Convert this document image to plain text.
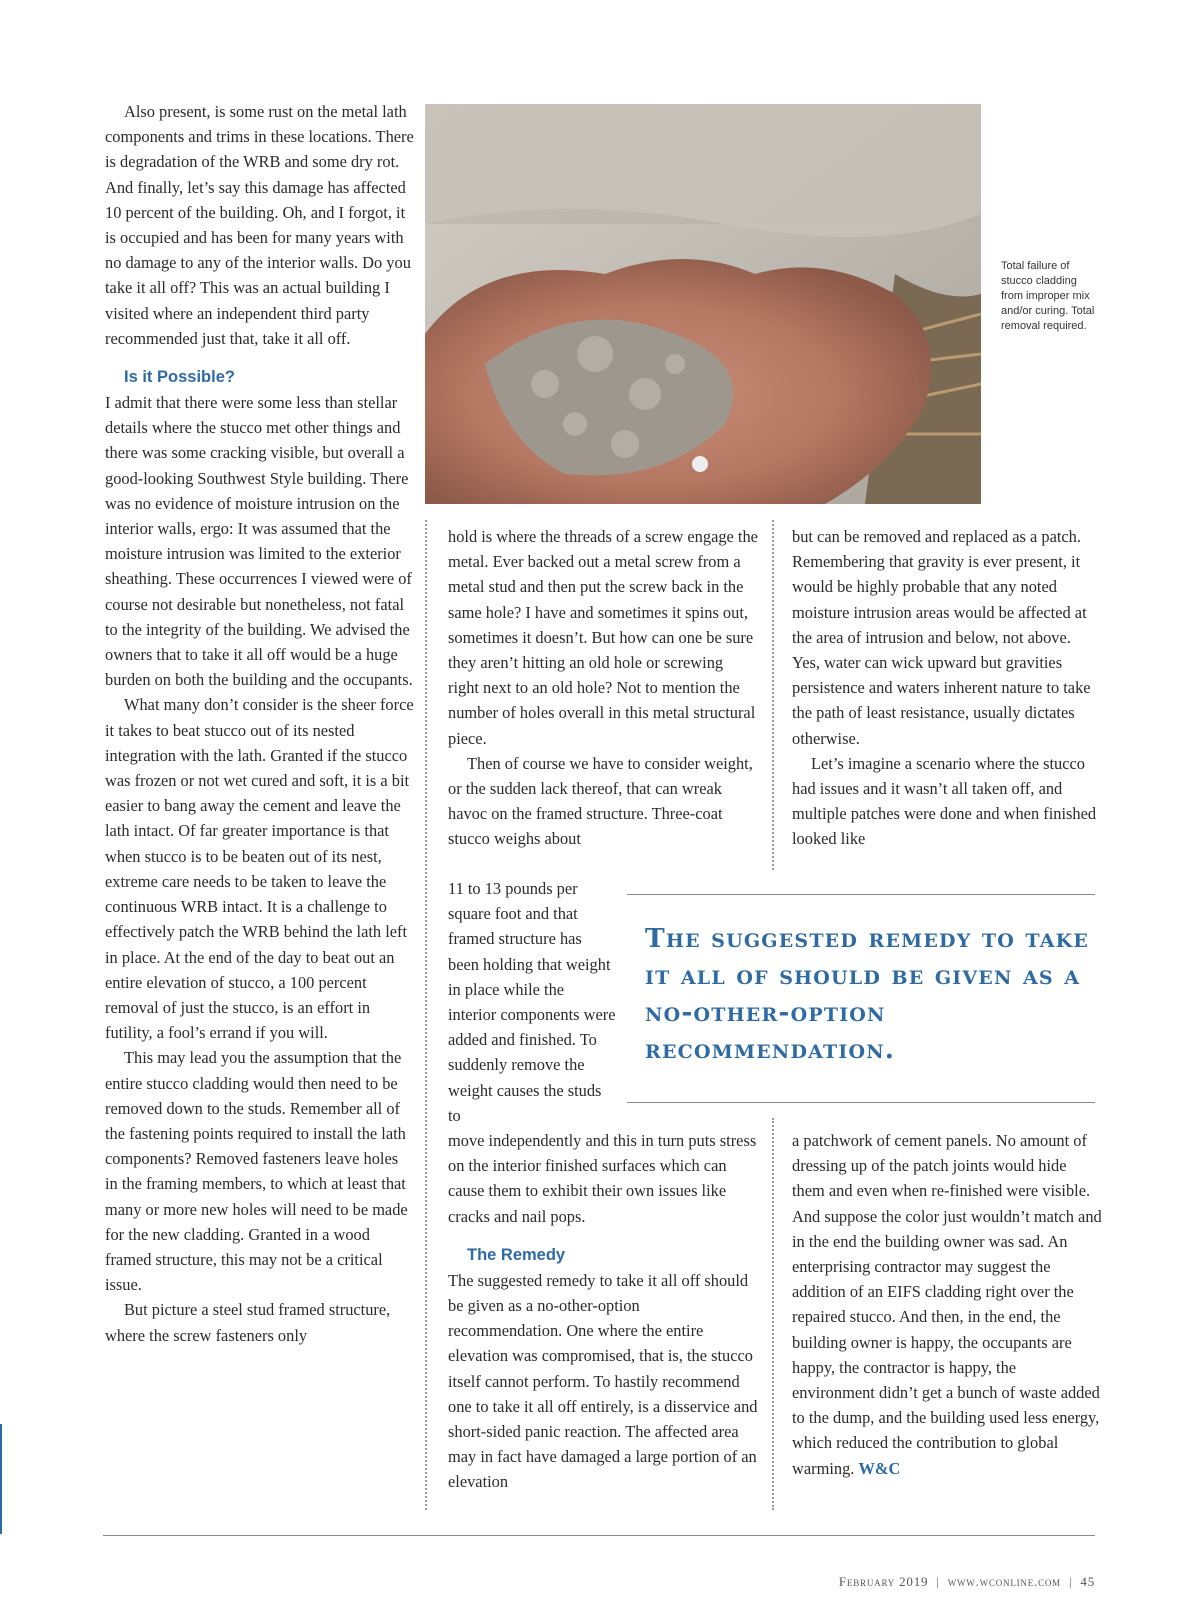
Also present, is some rust on the metal lath components and trims in these locations. There is degradation of the WRB and some dry rot. And finally, let’s say this damage has affected 10 percent of the building. Oh, and I forgot, it is occupied and has been for many years with no damage to any of the interior walls. Do you take it all off? This was an actual building I visited where an independent third party recommended just that, take it all off.

Is it Possible?

I admit that there were some less than stellar details where the stucco met other things and there was some cracking visible, but overall a good-looking Southwest Style building. There was no evidence of moisture intrusion on the interior walls, ergo: It was assumed that the moisture intrusion was limited to the exterior sheathing. These occurrences I viewed were of course not desirable but nonetheless, not fatal to the integrity of the building. We advised the owners that to take it all off would be a huge burden on both the building and the occupants.

What many don’t consider is the sheer force it takes to beat stucco out of its nested integration with the lath. Granted if the stucco was frozen or not wet cured and soft, it is a bit easier to bang away the cement and leave the lath intact. Of far greater importance is that when stucco is to be beaten out of its nest, extreme care needs to be taken to leave the continuous WRB intact. It is a challenge to effectively patch the WRB behind the lath left in place. At the end of the day to beat out an entire elevation of stucco, a 100 percent removal of just the stucco, is an effort in futility, a fool’s errand if you will.

This may lead you the assumption that the entire stucco cladding would then need to be removed down to the studs. Remember all of the fastening points required to install the lath components? Removed fasteners leave holes in the framing members, to which at least that many or more new holes will need to be made for the new cladding. Granted in a wood framed structure, this may not be a critical issue.

But picture a steel stud framed structure, where the screw fasteners only

Total failure of stucco cladding from improper mix and/or curing. Total removal required.

hold is where the threads of a screw engage the metal. Ever backed out a metal screw from a metal stud and then put the screw back in the same hole? I have and sometimes it spins out, sometimes it doesn’t. But how can one be sure they aren’t hitting an old hole or screwing right next to an old hole? Not to mention the number of holes overall in this metal structural piece.

Then of course we have to consider weight, or the sudden lack thereof, that can wreak havoc on the framed structure. Three-coat stucco weighs about

11 to 13 pounds per square foot and that framed structure has been holding that weight in place while the interior components were added and finished. To suddenly remove the weight causes the studs to

move independently and this in turn puts stress on the interior finished surfaces which can cause them to exhibit their own issues like cracks and nail pops.

The Remedy

The suggested remedy to take it all off should be given as a no-other-option recommendation. One where the entire elevation was compromised, that is, the stucco itself cannot perform. To hastily recommend one to take it all off entirely, is a disservice and short-sided panic reaction. The affected area may in fact have damaged a large portion of an elevation

but can be removed and replaced as a patch. Remembering that gravity is ever present, it would be highly probable that any noted moisture intrusion areas would be affected at the area of intrusion and below, not above. Yes, water can wick upward but gravities persistence and waters inherent nature to take the path of least resistance, usually dictates otherwise.

Let’s imagine a scenario where the stucco had issues and it wasn’t all taken off, and multiple patches were done and when finished looked like

a patchwork of cement panels. No amount of dressing up of the patch joints would hide them and even when re-finished were visible. And suppose the color just wouldn’t match and in the end the building owner was sad. An enterprising contractor may suggest the addition of an EIFS cladding right over the repaired stucco. And then, in the end, the building owner is happy, the occupants are happy, the contractor is happy, the environment didn’t get a bunch of waste added to the dump, and the building used less energy, which reduced the contribution to global warming. W&C

The suggested remedy to take it all of should be given as a no-other-option recommendation.
February 2019 | www.wconline.com | 45
